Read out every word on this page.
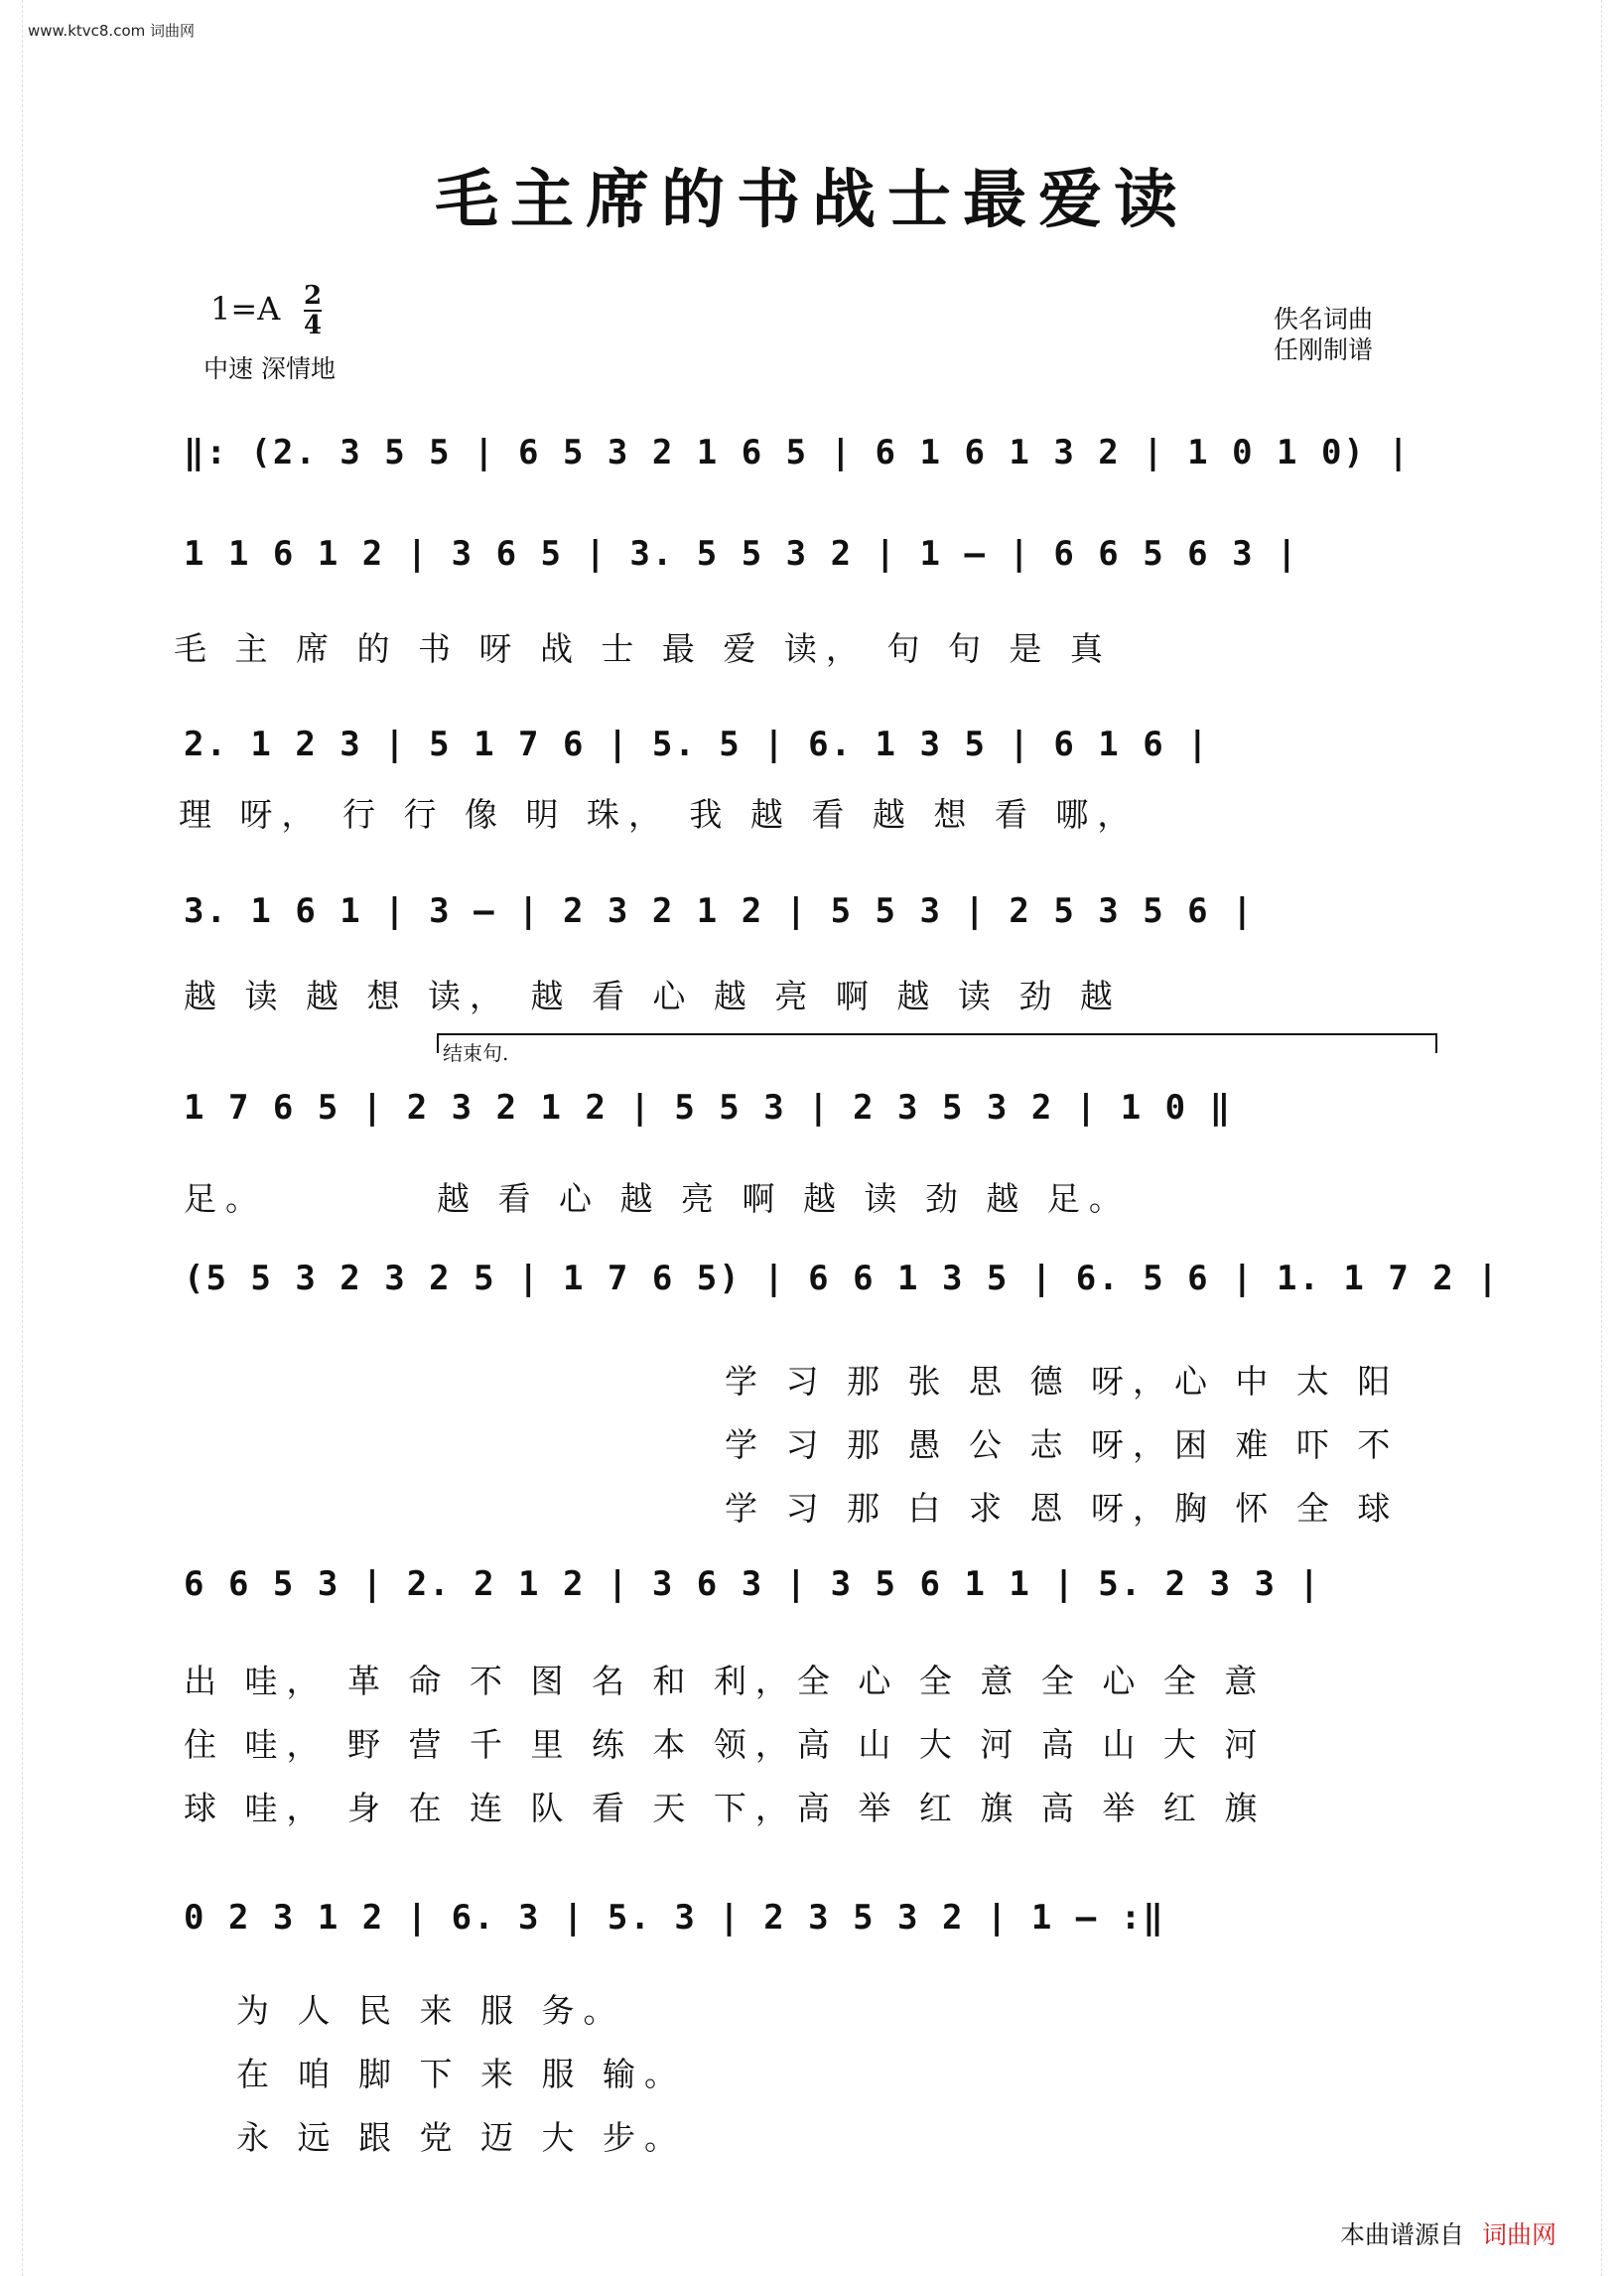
www.ktvc8.com 词曲网
毛主席的书战士最爱读
1=A 2
4
中速 深情地
佚名词曲
任刚制谱
‖: (2. 3 5 5 | 6 5 3 2 1 6 5 | 6 1 6 1 3 2 | 1 0 1 0) |
1 1 6 1 2 | 3 6 5 | 3. 5 5 3 2 | 1 – | 6 6 5 6 3 |
毛 主 席 的 书 呀 战 士 最 爱 读， 句 句 是 真
2. 1 2 3 | 5 1 7 6 | 5. 5 | 6. 1 3 5 | 6 1 6 |
理 呀， 行 行 像 明 珠， 我 越 看 越 想 看 哪，
3. 1 6 1 | 3 – | 2 3 2 1 2 | 5 5 3 | 2 5 3 5 6 |
越 读 越 想 读， 越 看 心 越 亮 啊 越 读 劲 越
结束句.
1 7 6 5 | 2 3 2 1 2 | 5 5 3 | 2 3 5 3 2 | 1 0 ‖
足。	越 看 心 越 亮 啊 越 读 劲 越 足。
(5 5 3 2 3 2 5 | 1 7 6 5) | 6 6 1 3 5 | 6. 5 6 | 1. 1 7 2 |
学 习 那 张 思 德 呀，心 中 太 阳
学 习 那 愚 公 志 呀，困 难 吓 不
学 习 那 白 求 恩 呀，胸 怀 全 球
6 6 5 3 | 2. 2 1 2 | 3 6 3 | 3 5 6 1 1 | 5. 2 3 3 |
出 哇， 革 命 不 图 名 和 利，全 心 全 意 全 心 全 意
住 哇， 野 营 千 里 练 本 领，高 山 大 河 高 山 大 河
球 哇， 身 在 连 队 看 天 下，高 举 红 旗 高 举 红 旗
0 2 3 1 2 | 6. 3 | 5. 3 | 2 3 5 3 2 | 1 – :‖
为 人 民 来 服 务。
在 咱 脚 下 来 服 输。
永 远 跟 党 迈 大 步。
本曲谱源自 词曲网
